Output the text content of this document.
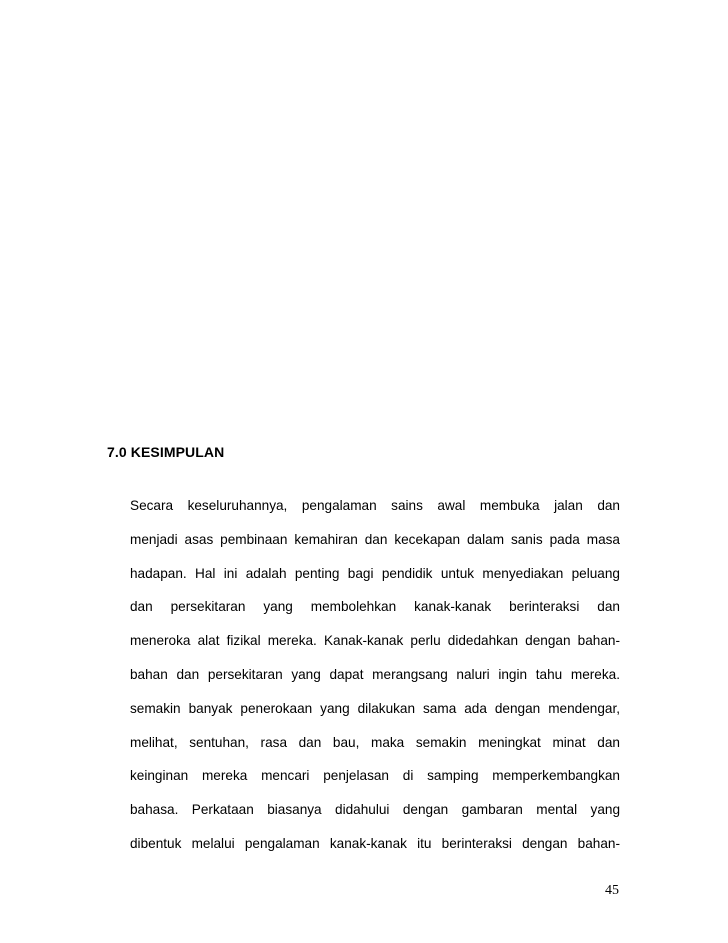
7.0 KESIMPULAN
Secara keseluruhannya, pengalaman sains awal membuka jalan dan
menjadi asas pembinaan kemahiran dan kecekapan dalam sanis pada masa
hadapan. Hal ini adalah penting bagi pendidik untuk menyediakan peluang
dan persekitaran yang membolehkan kanak-kanak berinteraksi dan
meneroka alat fizikal mereka. Kanak-kanak perlu didedahkan dengan bahan-
bahan dan persekitaran yang dapat merangsang naluri ingin tahu mereka.
semakin banyak penerokaan yang dilakukan sama ada dengan mendengar,
melihat, sentuhan, rasa dan bau, maka semakin meningkat minat dan
keinginan mereka mencari penjelasan di samping memperkembangkan
bahasa. Perkataan biasanya didahului dengan gambaran mental yang
dibentuk melalui pengalaman kanak-kanak itu berinteraksi dengan bahan-
45
